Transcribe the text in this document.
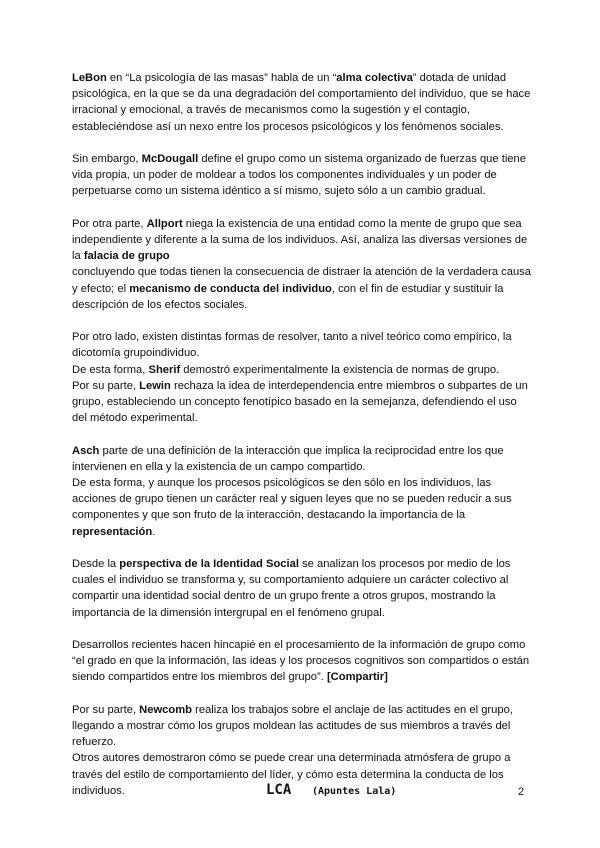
LeBon en “La psicología de las masas” habla de un “alma colectiva” dotada de unidad
psicológica, en la que se da una degradación del comportamiento del individuo, que se hace
irracional y emocional, a través de mecanismos como la sugestión y el contagio,
estableciéndose así un nexo entre los procesos psicológicos y los fenómenos sociales.
Sin embargo, McDougall define el grupo como un sistema organizado de fuerzas que tiene
vida propia, un poder de moldear a todos los componentes individuales y un poder de
perpetuarse como un sistema idéntico a sí mismo, sujeto sólo a un cambio gradual.
Por otra parte, Allport niega la existencia de una entidad como la mente de grupo que sea
independiente y diferente a la suma de los individuos. Así, analiza las diversas versiones de
la falacia de grupo
concluyendo que todas tienen la consecuencia de distraer la atención de la verdadera causa
y efecto; el mecanismo de conducta del individuo, con el fin de estudiar y sustituir la
descripción de los efectos sociales.
Por otro lado, existen distintas formas de resolver, tanto a nivel teórico como empírico, la
dicotomía grupoindividuo.
De esta forma, Sherif demostró experimentalmente la existencia de normas de grupo.
Por su parte, Lewin rechaza la idea de interdependencia entre miembros o subpartes de un
grupo, estableciendo un concepto fenotípico basado en la semejanza, defendiendo el uso
del método experimental.
Asch parte de una definición de la interacción que implica la reciprocidad entre los que
intervienen en ella y la existencia de un campo compartido.
De esta forma, y aunque los procesos psicológicos se den sólo en los individuos, las
acciones de grupo tienen un carácter real y siguen leyes que no se pueden reducir a sus
componentes y que son fruto de la interacción, destacando la importancia de la
representación.
Desde la perspectiva de la Identidad Social se analizan los procesos por medio de los
cuales el individuo se transforma y, su comportamiento adquiere un carácter colectivo al
compartir una identidad social dentro de un grupo frente a otros grupos, mostrando la
importancia de la dimensión intergrupal en el fenómeno grupal.
Desarrollos recientes hacen hincapié en el procesamiento de la información de grupo como
“el grado en que la información, las ideas y los procesos cognitivos son compartidos o están
siendo compartidos entre los miembros del grupo”. [Compartir]
Por su parte, Newcomb realiza los trabajos sobre el anclaje de las actitudes en el grupo,
llegando a mostrar cómo los grupos moldean las actitudes de sus miembros a través del
refuerzo.
Otros autores demostraron cómo se puede crear una determinada atmósfera de grupo a
través del estilo de comportamiento del líder, y cómo esta determina la conducta de los
individuos.	LCA (Apuntes Lala)	2
